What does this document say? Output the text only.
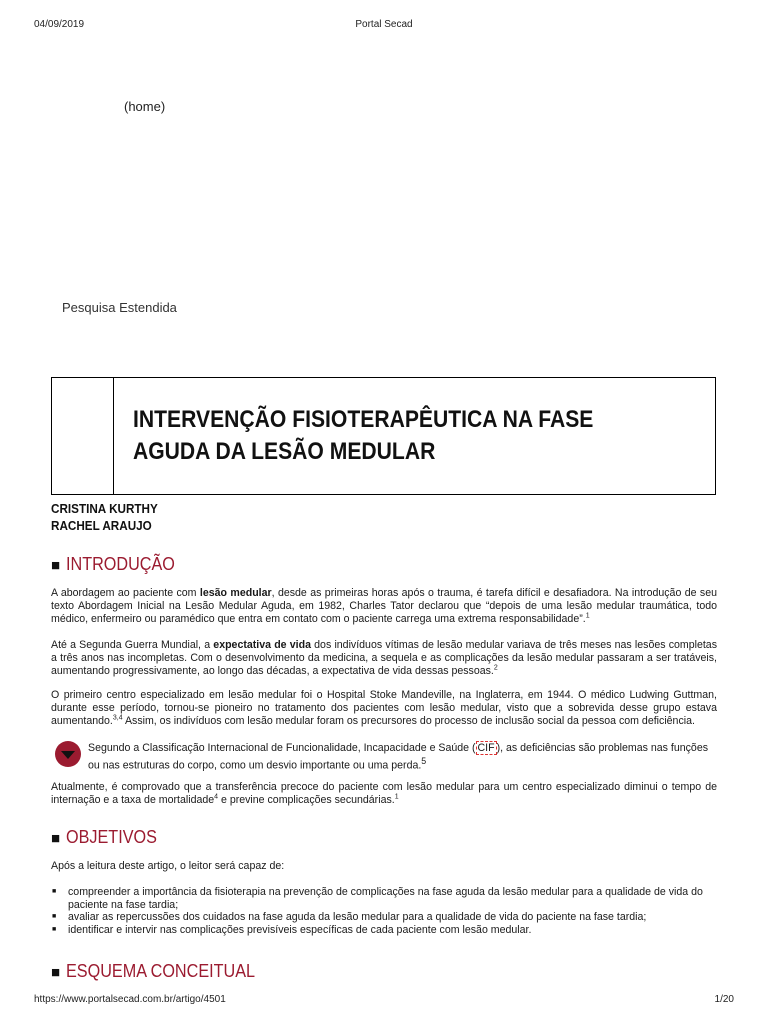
04/09/2019	Portal Secad
(home)
Pesquisa Estendida
INTERVENÇÃO FISIOTERAPÊUTICA NA FASE
AGUDA DA LESÃO MEDULAR
CRISTINA KURTHY
RACHEL ARAUJO
■ INTRODUÇÃO

A abordagem ao paciente com lesão medular, desde as primeiras horas após o trauma, é tarefa difícil e desafiadora. Na introdução de seu texto Abordagem Inicial na Lesão Medular Aguda, em 1982, Charles Tator declarou que “depois de uma lesão medular traumática, todo médico, enfermeiro ou paramédico que entra em contato com o paciente carrega uma extrema responsabilidade”.$^1$

Até a Segunda Guerra Mundial, a expectativa de vida dos indivíduos vítimas de lesão medular variava de três meses nas lesões completas a três anos nas incompletas. Com o desenvolvimento da medicina, a sequela e as complicações da lesão medular passaram a ser tratáveis, aumentando progressivamente, ao longo das décadas, a expectativa de vida dessas pessoas.$^2$

O primeiro centro especializado em lesão medular foi o Hospital Stoke Mandeville, na Inglaterra, em 1944. O médico Ludwing Guttman, durante esse período, tornou-se pioneiro no tratamento dos pacientes com lesão medular, visto que a sobrevida desse grupo estava aumentando.$^{3,4}$ Assim, os indivíduos com lesão medular foram os precursores do processo de inclusão social da pessoa com deficiência.

Segundo a Classificação Internacional de Funcionalidade, Incapacidade e Saúde ( CIF ), as deficiências são problemas nas funções ou nas estruturas do corpo, como um desvio importante ou uma perda.$^5$

Atualmente, é comprovado que a transferência precoce do paciente com lesão medular para um centro especializado diminui o tempo de internação e a taxa de mortalidade$^4$ e previne complicações secundárias.$^1$

■ OBJETIVOS

Após a leitura deste artigo, o leitor será capaz de:

■ compreender a importância da fisioterapia na prevenção de complicações na fase aguda da lesão medular para a qualidade de vida do paciente na fase tardia;
■ avaliar as repercussões dos cuidados na fase aguda da lesão medular para a qualidade de vida do paciente na fase tardia;
■ identificar e intervir nas complicações previsíveis específicas de cada paciente com lesão medular.
■ ESQUEMA CONCEITUAL
https://www.portalsecad.com.br/artigo/4501	1/20
